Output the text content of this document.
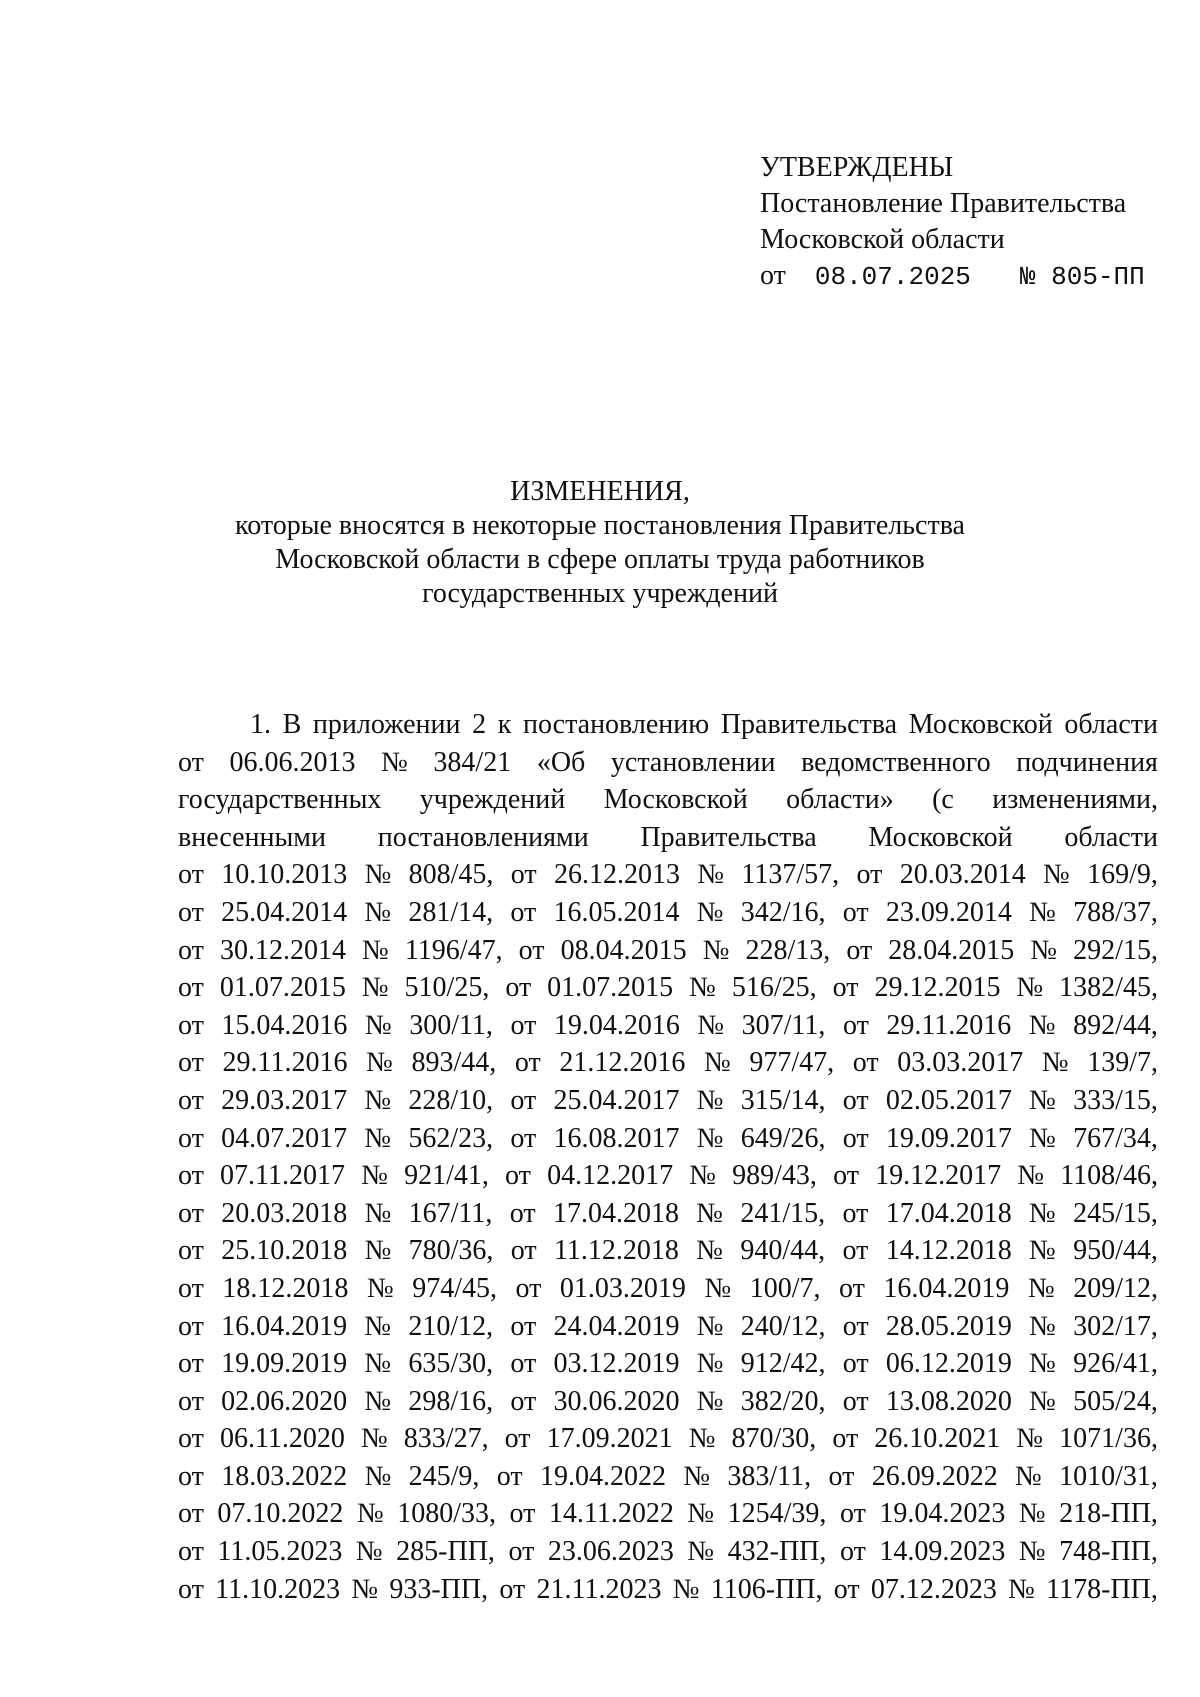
УТВЕРЖДЕНЫ
Постановление Правительства
Московской области
от 08.07.2025 № 805-ПП
ИЗМЕНЕНИЯ,
которые вносятся в некоторые постановления Правительства
Московской области в сфере оплаты труда работников
государственных учреждений
1. В приложении 2 к постановлению Правительства Московской области
от 06.06.2013 № 384/21 «Об установлении ведомственного подчинения
государственных учреждений Московской области» (с изменениями,
внесенными постановлениями Правительства Московской области
от 10.10.2013 № 808/45, от 26.12.2013 № 1137/57, от 20.03.2014 № 169/9,
от 25.04.2014 № 281/14, от 16.05.2014 № 342/16, от 23.09.2014 № 788/37,
от 30.12.2014 № 1196/47, от 08.04.2015 № 228/13, от 28.04.2015 № 292/15,
от 01.07.2015 № 510/25, от 01.07.2015 № 516/25, от 29.12.2015 № 1382/45,
от 15.04.2016 № 300/11, от 19.04.2016 № 307/11, от 29.11.2016 № 892/44,
от 29.11.2016 № 893/44, от 21.12.2016 № 977/47, от 03.03.2017 № 139/7,
от 29.03.2017 № 228/10, от 25.04.2017 № 315/14, от 02.05.2017 № 333/15,
от 04.07.2017 № 562/23, от 16.08.2017 № 649/26, от 19.09.2017 № 767/34,
от 07.11.2017 № 921/41, от 04.12.2017 № 989/43, от 19.12.2017 № 1108/46,
от 20.03.2018 № 167/11, от 17.04.2018 № 241/15, от 17.04.2018 № 245/15,
от 25.10.2018 № 780/36, от 11.12.2018 № 940/44, от 14.12.2018 № 950/44,
от 18.12.2018 № 974/45, от 01.03.2019 № 100/7, от 16.04.2019 № 209/12,
от 16.04.2019 № 210/12, от 24.04.2019 № 240/12, от 28.05.2019 № 302/17,
от 19.09.2019 № 635/30, от 03.12.2019 № 912/42, от 06.12.2019 № 926/41,
от 02.06.2020 № 298/16, от 30.06.2020 № 382/20, от 13.08.2020 № 505/24,
от 06.11.2020 № 833/27, от 17.09.2021 № 870/30, от 26.10.2021 № 1071/36,
от 18.03.2022 № 245/9, от 19.04.2022 № 383/11, от 26.09.2022 № 1010/31,
от 07.10.2022 № 1080/33, от 14.11.2022 № 1254/39, от 19.04.2023 № 218-ПП,
от 11.05.2023 № 285-ПП, от 23.06.2023 № 432-ПП, от 14.09.2023 № 748-ПП,
от 11.10.2023 № 933-ПП, от 21.11.2023 № 1106-ПП, от 07.12.2023 № 1178-ПП,
